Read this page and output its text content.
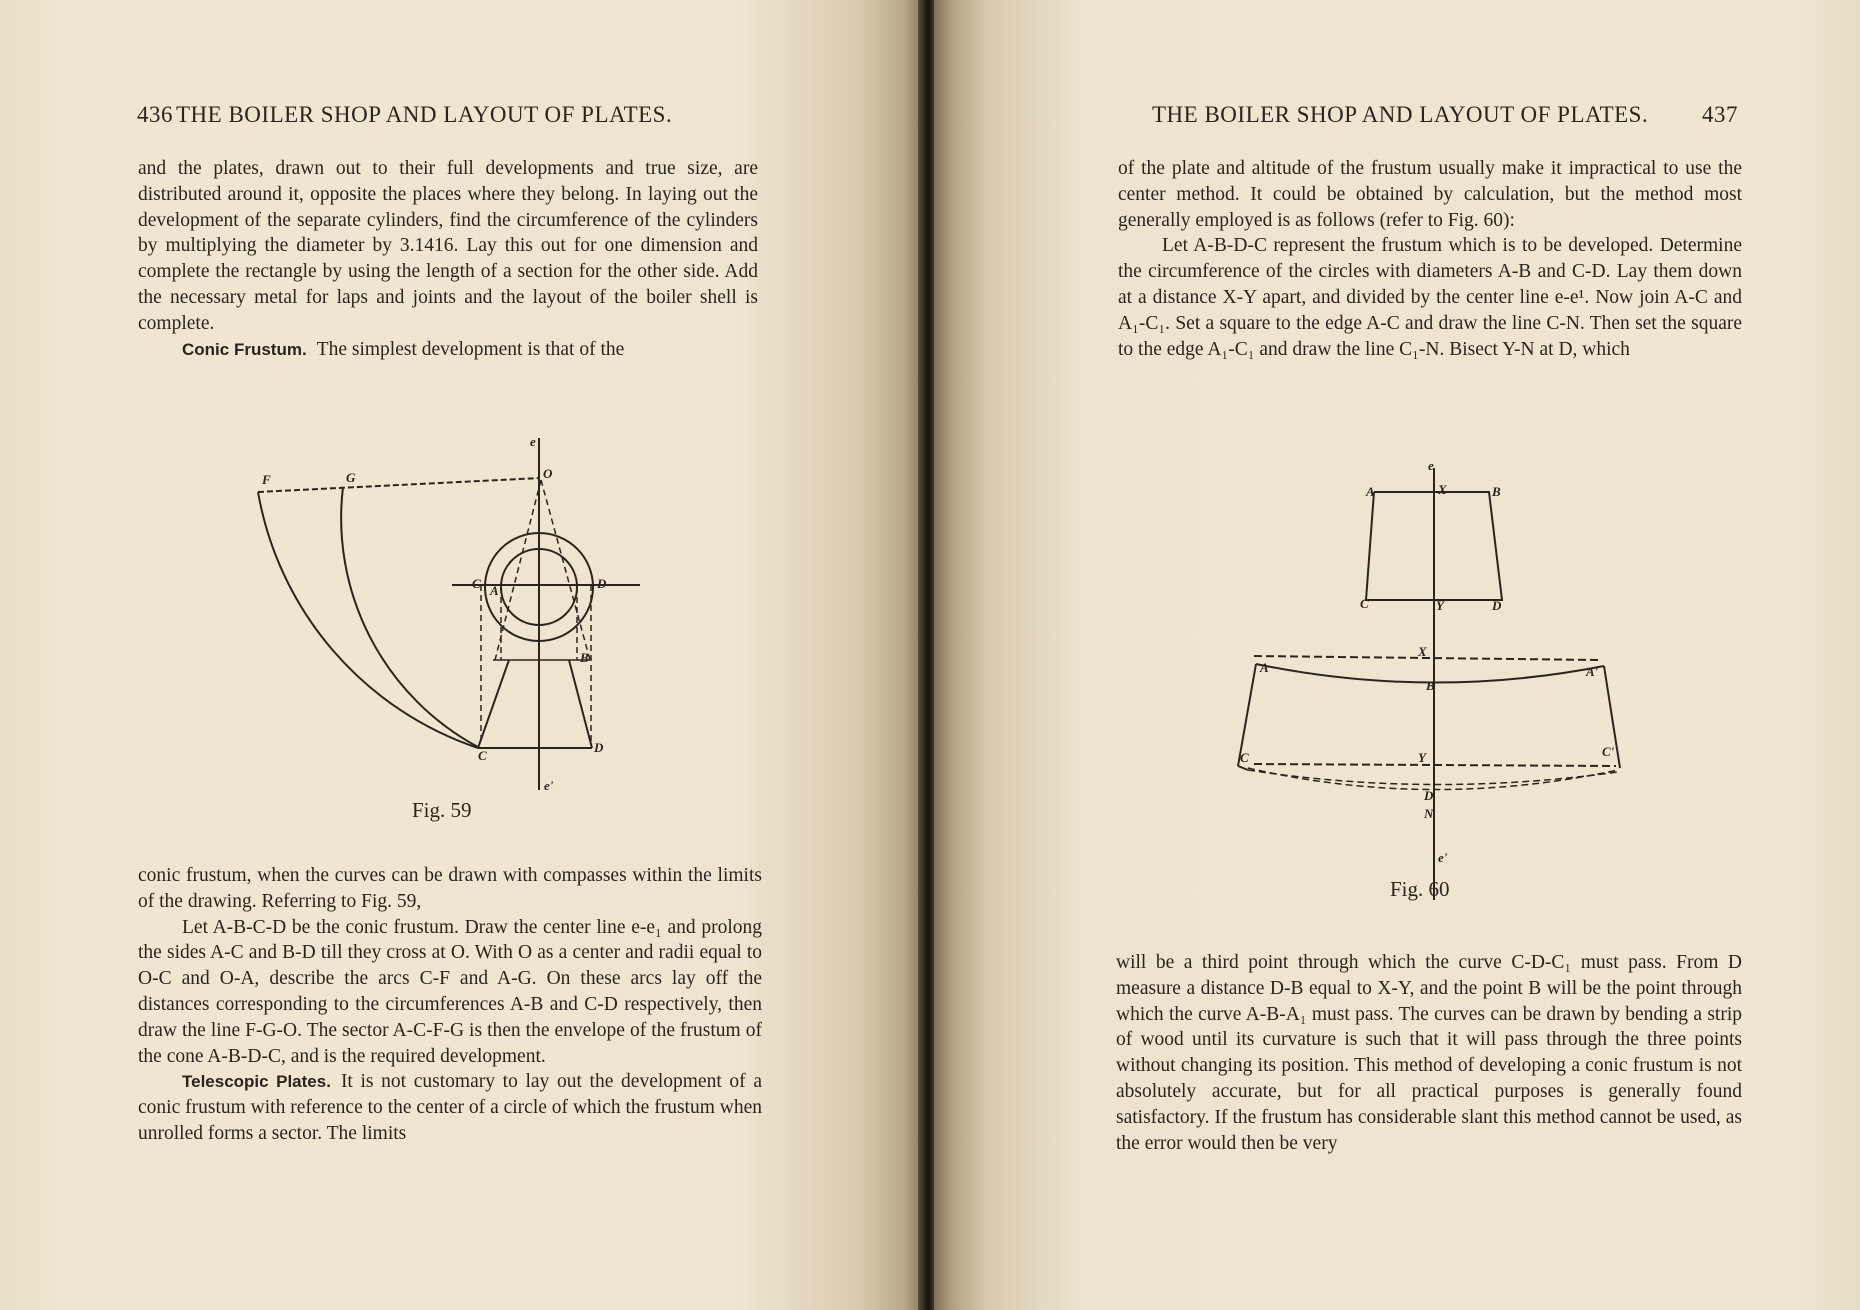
436 THE BOILER SHOP AND LAYOUT OF PLATES.

and the plates, drawn out to their full developments and true size, are distributed around it, opposite the places where they belong. In laying out the development of the separate cylinders, find the circumference of the cylinders by multiplying the diameter by 3.1416. Lay this out for one dimension and complete the rectangle by using the length of a section for the other side. Add the necessary metal for laps and joints and the layout of the boiler shell is complete.

Conic Frustum. The simplest development is that of the

F	G	O
e
C A
B
D
C
D
e'
Fig. 59

conic frustum, when the curves can be drawn with compasses within the limits of the drawing. Referring to Fig. 59,

Let A-B-C-D be the conic frustum. Draw the center line e-e₁ and prolong the sides A-C and B-D till they cross at O. With O as a center and radii equal to O-C and O-A, describe the arcs C-F and A-G. On these arcs lay off the distances corresponding to the circumferences A-B and C-D respectively, then draw the line F-G-O. The sector A-C-F-G is then the envelope of the frustum of the cone A-B-D-C, and is the required development.

Telescopic Plates. It is not customary to lay out the development of a conic frustum with reference to the center of a circle of which the frustum when unrolled forms a sector. The limits

THE BOILER SHOP AND LAYOUT OF PLATES. 437

of the plate and altitude of the frustum usually make it impractical to use the center method. It could be obtained by calculation, but the method most generally employed is as follows (refer to Fig. 60):

Let A-B-D-C represent the frustum which is to be developed. Determine the circumference of the circles with diameters A-B and C-D. Lay them down at a distance X-Y apart, and divided by the center line e-e¹. Now join A-C and A₁-C₁. Set a square to the edge A-C and draw the line C-N. Then set the square to the edge A₁-C₁ and draw the line C₁-N. Bisect Y-N at D, which

e
A	X	B
C	Y	D
X
A	A'
B
C	Y	C'
D
N
e'
Fig. 60

will be a third point through which the curve C-D-C₁ must pass. From D measure a distance D-B equal to X-Y, and the point B will be the point through which the curve A-B-A₁ must pass. The curves can be drawn by bending a strip of wood until its curvature is such that it will pass through the three points without changing its position. This method of developing a conic frustum is not absolutely accurate, but for all practical purposes is generally found satisfactory. If the frustum has considerable slant this method cannot be used, as the error would then be very
